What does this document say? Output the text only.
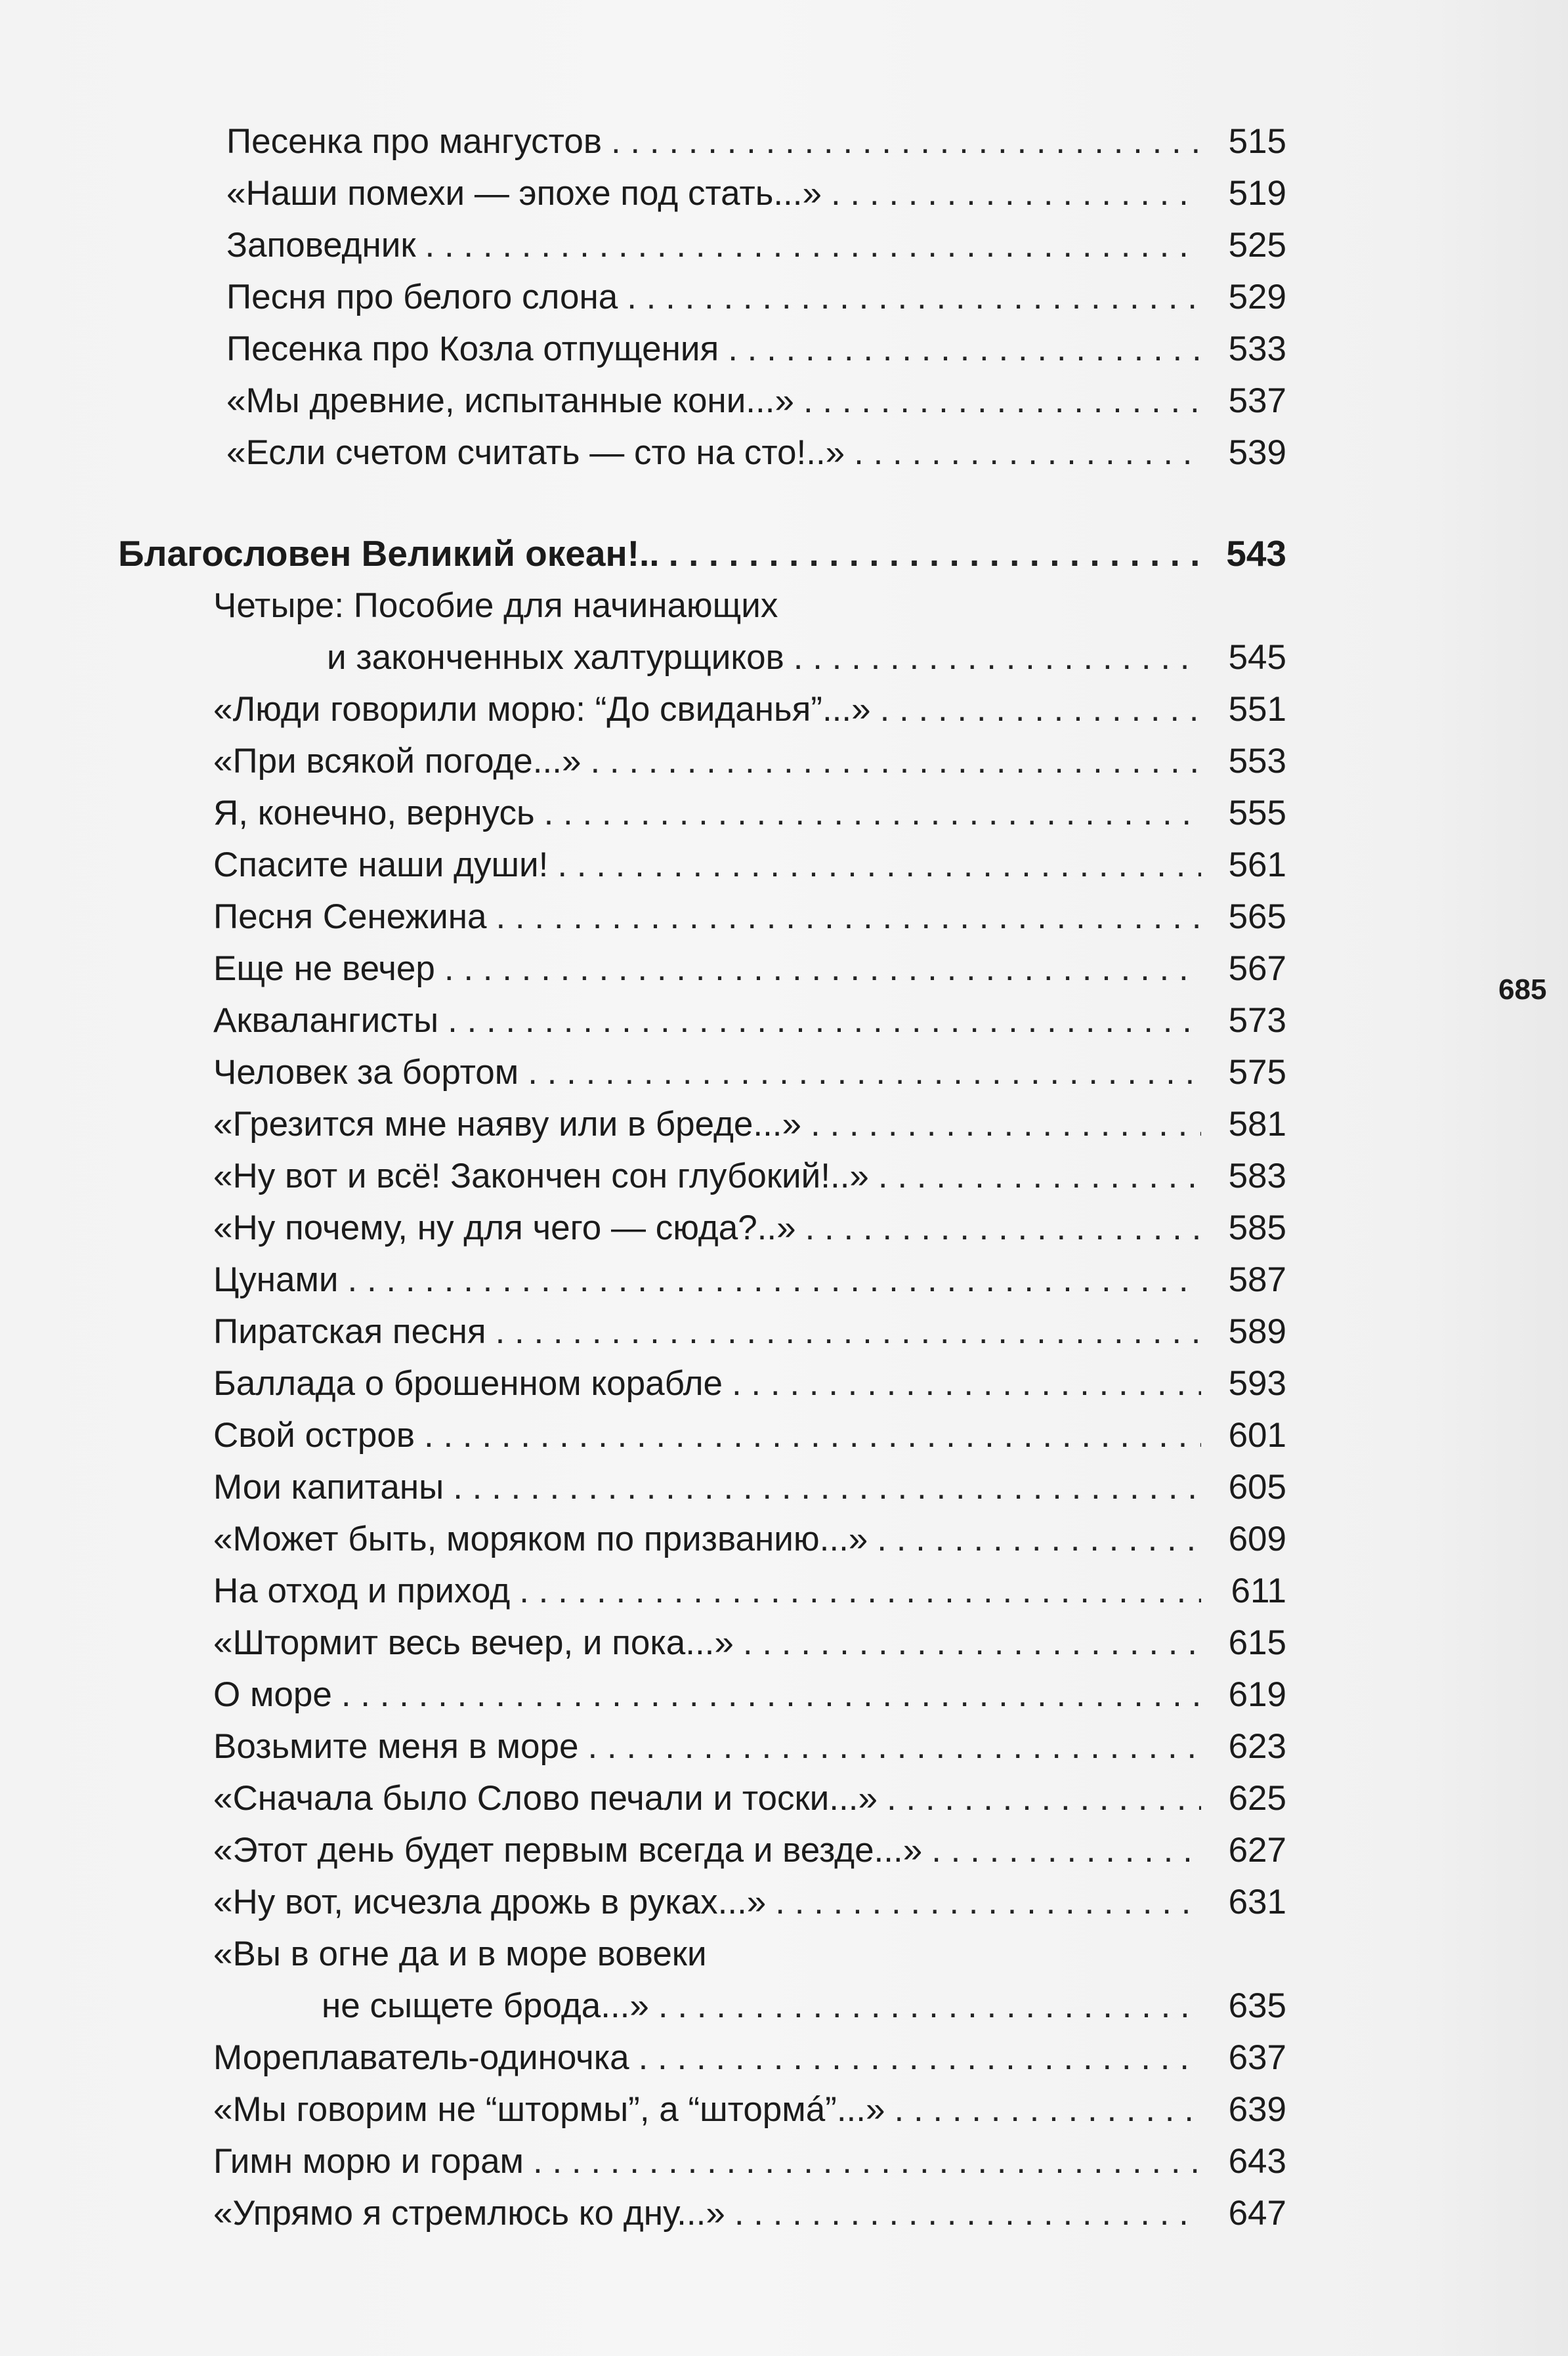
Песенка про мангустов . . .	515
«Наши помехи — эпохе под стать...» . . .	519
Заповедник . . .	525
Песня про белого слона . . .	529
Песенка про Козла отпущения . . .	533
«Мы древние, испытанные кони...» . . .	537
«Если счетом считать — сто на сто!..» . . .	539
Благословен Великий океан!.. . . .	543
Четыре: Пособие для начинающих
и законченных халтурщиков . . .	545
«Люди говорили морю: “До свиданья”...» . . .	551
«При всякой погоде...» . . .	553
Я, конечно, вернусь . . .	555
Спасите наши души! . . .	561
Песня Сенежина . . .	565
Еще не вечер . . .	567
Аквалангисты . . .	573
Человек за бортом . . .	575
«Грезится мне наяву или в бреде...» . . .	581
«Ну вот и всё! Закончен сон глубокий!..» . . .	583
«Ну почему, ну для чего — сюда?..» . . .	585
Цунами . . .	587
Пиратская песня . . .	589
Баллада о брошенном корабле . . .	593
Свой остров . . .	601
Мои капитаны . . .	605
«Может быть, моряком по призванию...» . . .	609
На отход и приход . . .	611
«Штормит весь вечер, и пока...» . . .	615
О море . . .	619
Возьмите меня в море . . .	623
«Сначала было Слово печали и тоски...» . . .	625
«Этот день будет первым всегда и везде...» . . .	627
«Ну вот, исчезла дрожь в руках...» . . .	631
«Вы в огне да и в море вовеки
не сыщете брода...» . . .	635
Мореплаватель-одиночка . . .	637
«Мы говорим не “штормы”, а “штормá”...» . . .	639
Гимн морю и горам . . .	643
«Упрямо я стремлюсь ко дну...» . . .	647
685
